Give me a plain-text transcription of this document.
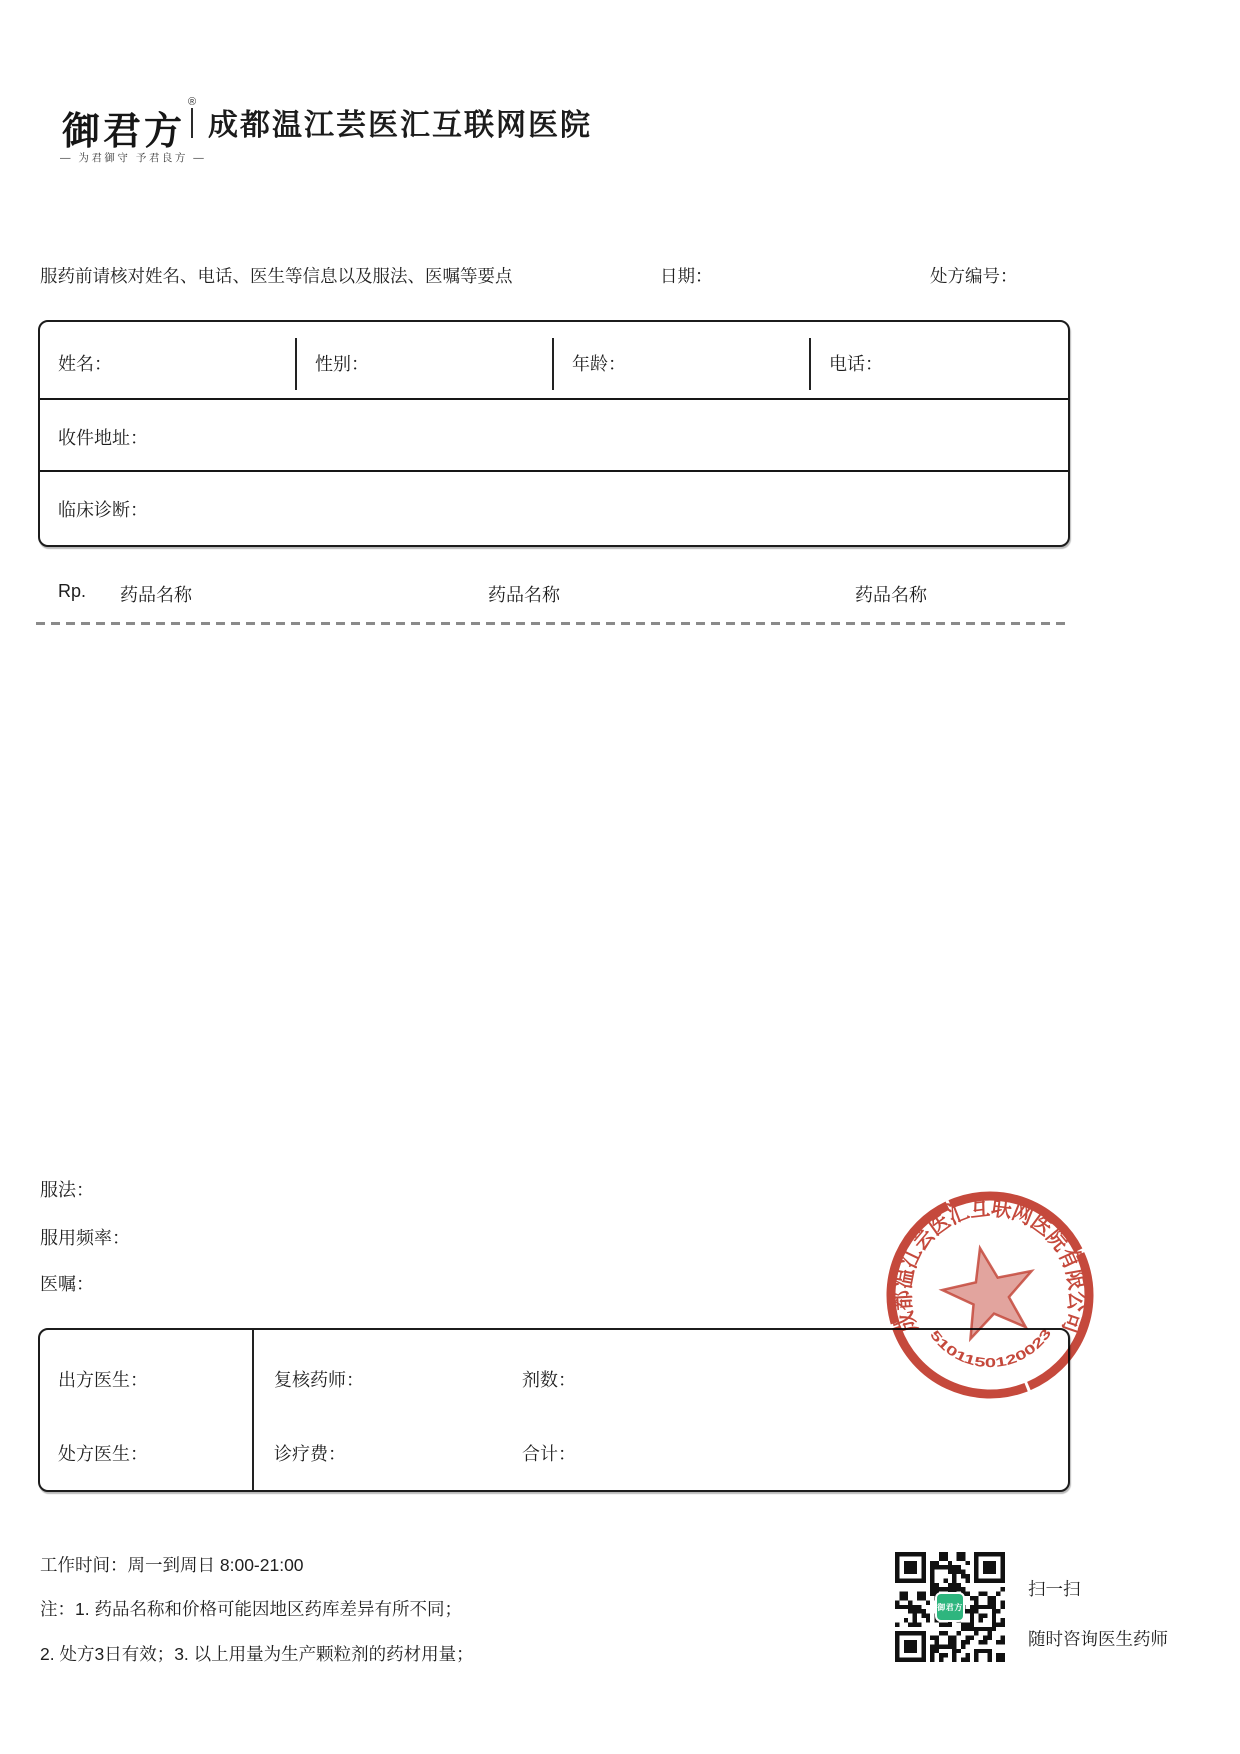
御君方
®
— 为君御守 予君良方 —
成都温江芸医汇互联网医院
服药前请核对姓名、电话、医生等信息以及服法、医嘱等要点	日期：	处方编号：
姓名：	性别：	年龄：	电话：
收件地址：
临床诊断：
Rp. 药品名称	药品名称	药品名称
服法：
服用频率：
医嘱：
出方医生：	复核药师：	剂数：
处方医生：	诊疗费：	合计：
成都温江芸医汇互联网医院有限公司
5101150120023
工作时间：周一到周日 8:00-21:00
注：1. 药品名称和价格可能因地区药库差异有所不同；
2. 处方3日有效；3. 以上用量为生产颗粒剂的药材用量；
御君方
扫一扫
随时咨询医生药师
